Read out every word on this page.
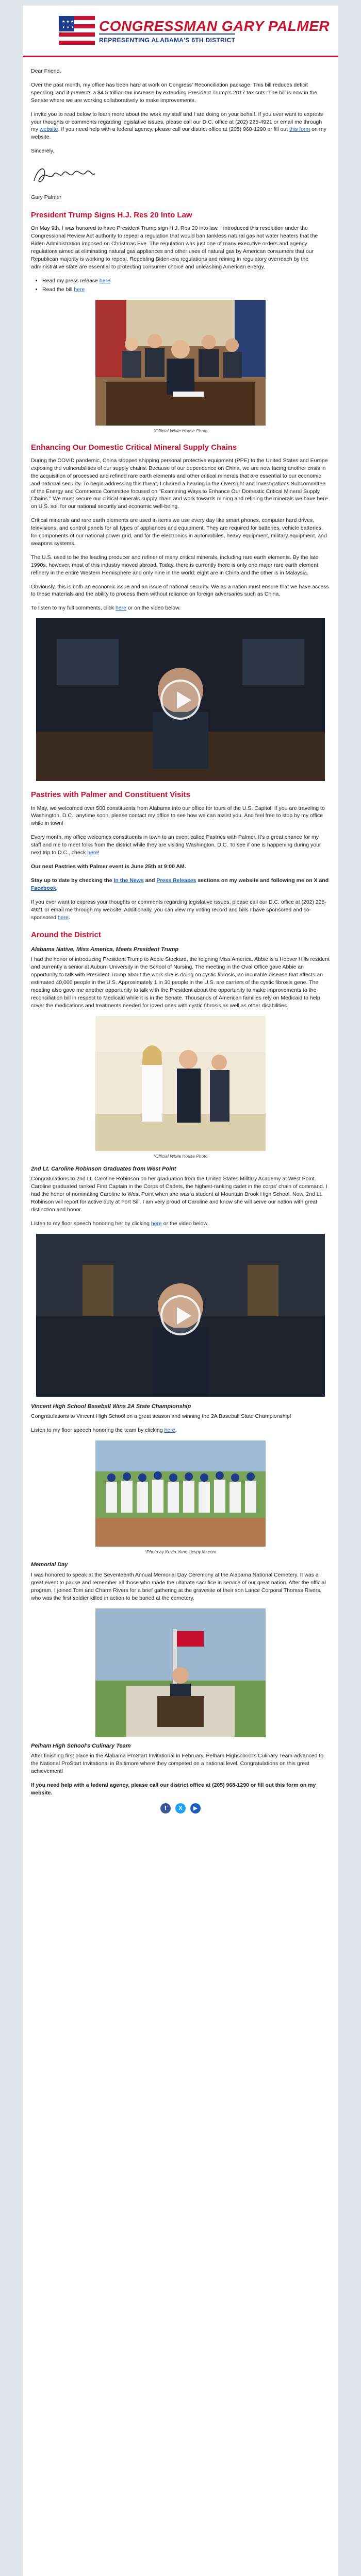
★ ★ ★
★ ★ ★ CONGRESSMAN GARY PALMER
REPRESENTING ALABAMA'S 6TH DISTRICT

Dear Friend,

Over the past month, my office has been hard at work on Congress' Reconciliation package. This bill reduces deficit spending, and it prevents a $4.5 trillion tax increase by extending President Trump's 2017 tax cuts. The bill is now in the Senate where we are working collaboratively to make improvements.

I invite you to read below to learn more about the work my staff and I are doing on your behalf. If you ever want to express your thoughts or comments regarding legislative issues, please call our D.C. office at (202) 225-4921 or email me through my website. If you need help with a federal agency, please call our district office at (205) 968-1290 or fill out this form on my website.

Sincerely,

Gary Palmer

President Trump Signs H.J. Res 20 Into Law

On May 9th, I was honored to have President Trump sign H.J. Res 20 into law. I introduced this resolution under the Congressional Review Act authority to repeal a regulation that would ban tankless natural gas hot water heaters that the Biden Administration imposed on Christmas Eve. The regulation was just one of many executive orders and agency regulations aimed at eliminating natural gas appliances and other uses of natural gas by American consumers that our Republican majority is working to repeal. Repealing Biden-era regulations and reining in regulatory overreach by the administrative state are essential to protecting consumer choice and unleashing American energy.

• Read my press release here
• Read the bill here
*Official White House Photo
Enhancing Our Domestic Critical Mineral Supply Chains

During the COVID pandemic, China stopped shipping personal protective equipment (PPE) to the United States and Europe exposing the vulnerabilities of our supply chains. Because of our dependence on China, we are now facing another crisis in the acquisition of processed and refined rare earth elements and other critical minerals that are essential to our economic and national security. To begin addressing this threat, I chaired a hearing in the Oversight and Investigations Subcommittee of the Energy and Commerce Committee focused on "Examining Ways to Enhance Our Domestic Critical Mineral Supply Chains." We must secure our critical minerals supply chain and work towards mining and refining the minerals we have here on U.S. soil for our national security and economic well-being.

Critical minerals and rare earth elements are used in items we use every day like smart phones, computer hard drives, televisions, and control panels for all types of appliances and equipment. They are required for batteries, vehicle batteries, for components of our national power grid, and for the electronics in automobiles, heavy equipment, military equipment, and weapons systems.

The U.S. used to be the leading producer and refiner of many critical minerals, including rare earth elements. By the late 1990s, however, most of this industry moved abroad. Today, there is currently there is only one major rare earth element refinery in the entire Western Hemisphere and only nine in the world: eight are in China and the other is in Malaysia.

Obviously, this is both an economic issue and an issue of national security. We as a nation must ensure that we have access to these materials and the ability to process them without reliance on foreign adversaries such as China.

To listen to my full comments, click here or on the video below.

Pastries with Palmer and Constituent Visits

In May, we welcomed over 500 constituents from Alabama into our office for tours of the U.S. Capitol! If you are traveling to Washington, D.C., anytime soon, please contact my office to see how we can assist you. And feel free to stop by my office while in town!

Every month, my office welcomes constituents in town to an event called Pastries with Palmer. It's a great chance for my staff and me to meet folks from the district while they are visiting Washington, D.C. To see if one is happening during your next trip to D.C., check here!

Our next Pastries with Palmer event is June 25th at 9:00 AM.

Stay up to date by checking the In the News and Press Releases sections on my website and following me on X and Facebook.

If you ever want to express your thoughts or comments regarding legislative issues, please call our D.C. office at (202) 225-4921 or email me through my website. Additionally, you can view my voting record and bills I have sponsored and co-sponsored here.

Around the District
Alabama Native, Miss America, Meets President Trump

I had the honor of introducing President Trump to Abbie Stockard, the reigning Miss America. Abbie is a Hoover Hills resident and currently a senior at Auburn University in the School of Nursing. The meeting in the Oval Office gave Abbie an opportunity to talk with President Trump about the work she is doing on cystic fibrosis, an incurable disease that affects an estimated 40,000 people in the U.S. Approximately 1 in 30 people in the U.S. are carriers of the cystic fibrosis gene. The meeting also gave me another opportunity to talk with the President about the opportunity to make improvements to the reconciliation bill in respect to Medicaid while it is in the Senate. Thousands of American families rely on Medicaid to help cover the medications and treatments needed for loved ones with cystic fibrosis as well as other disabilities.

*Official White House Photo
2nd Lt. Caroline Robinson Graduates from West Point

Congratulations to 2nd Lt. Caroline Robinson on her graduation from the United States Military Academy at West Point. Caroline graduated ranked First Captain in the Corps of Cadets, the highest-ranking cadet in the corps' chain of command. I had the honor of nominating Caroline to West Point when she was a student at Mountain Brook High School. Now, 2nd Lt. Robinson will report for active duty at Fort Sill. I am very proud of Caroline and know she will serve our nation with great distinction and honor.

Listen to my floor speech honoring her by clicking here or the video below.

Vincent High School Baseball Wins 2A State Championship

Congratulations to Vincent High School on a great season and winning the 2A Baseball State Championship!

Listen to my floor speech honoring the team by clicking here.

*Photo by Kevin Vann | jcspy.ffb.com
Memorial Day

I was honored to speak at the Seventeenth Annual Memorial Day Ceremony at the Alabama National Cemetery. It was a great event to pause and remember all those who made the ultimate sacrifice in service of our great nation. After the official program, I joined Tom and Charm Rivers for a brief gathering at the gravesite of their son Lance Corporal Thomas Rivers, who was the first soldier killed in action to be buried at the cemetery.

Pelham High School's Culinary Team

After finishing first place in the Alabama ProStart Invitational in February, Pelham Highschool's Culinary Team advanced to the National ProStart Invitational in Baltimore where they competed on a national level. Congratulations on this great achievement!

If you need help with a federal agency, please call our district office at (205) 968-1290 or fill out this form on my website.

f X ▶
